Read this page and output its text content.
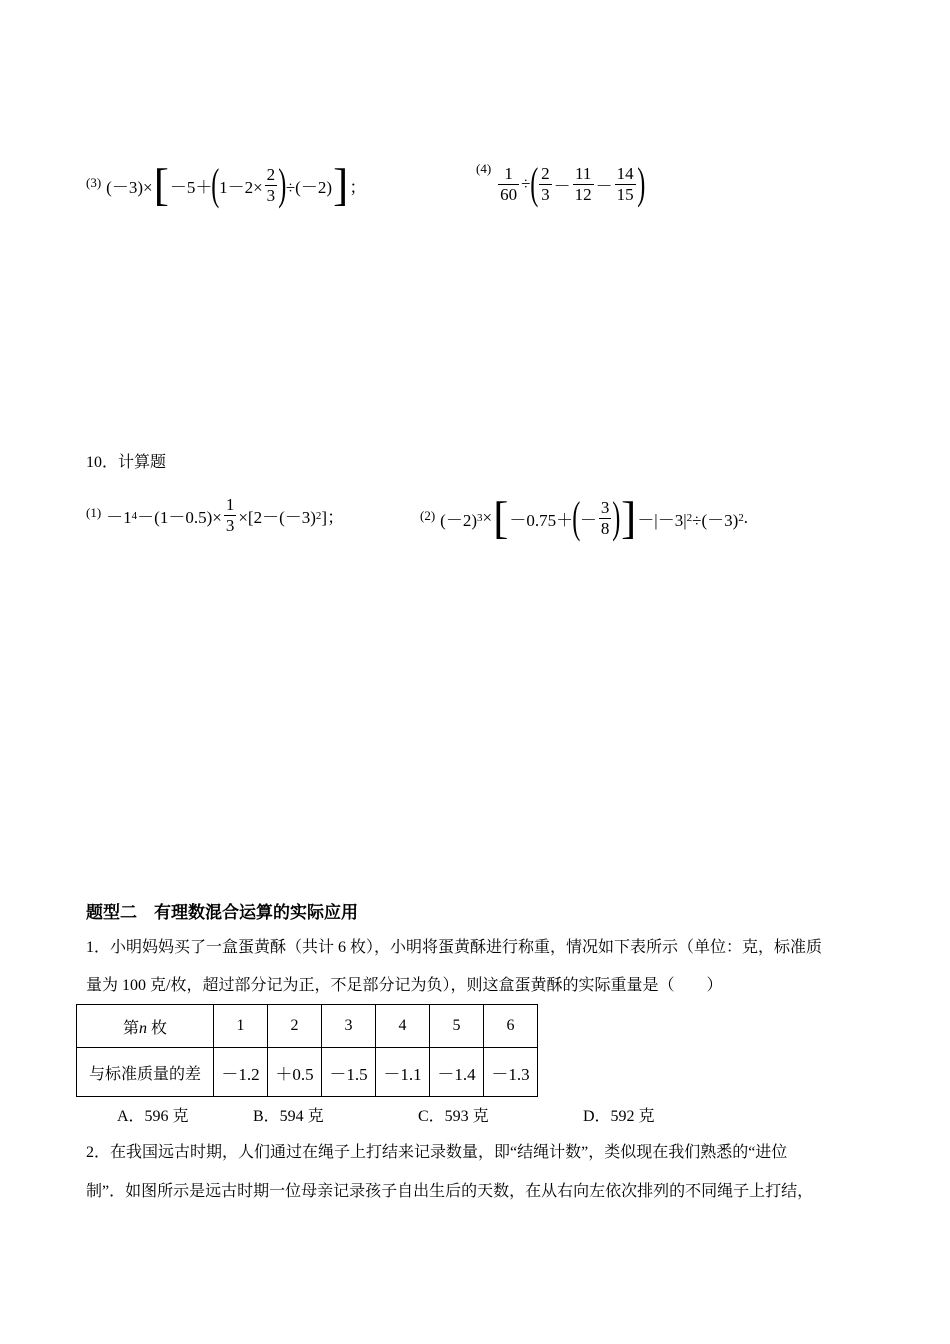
$^{(3)}$ (－3)× [ －5＋ ( $1-2\times \frac{2}{3}$ ) ÷(－2) ] ；
$^{(4)} \frac{1}{60}$ ÷ ( $\frac{2}{3} - \frac{11}{12} - \frac{14}{15}$ )
10．计算题
$^{(1)}$ －1 $4 -(1-0.5)\times \frac{1}{3} \times[2-(-3)$ 2 ]；	$^{(2)}$ (－2) 3 × [ －0.75＋ ( － $\frac{3}{8}$ ) ] －|－3| 2 ÷(－3) 2 .
题型二　有理数混合运算的实际应用
1．小明妈妈买了一盒蛋黄酥（共计 6 枚），小明将蛋黄酥进行称重，情况如下表所示（单位：克，标准质
量为 100 克/枚，超过部分记为正，不足部分记为负），则这盒蛋黄酥的实际重量是（　　）
第n 枚	1	2	3	4	5	6
与标准质量的差	－1.2	＋0.5	－1.5	－1.1	－1.4	－1.3
A．596 克	B．594 克	C．593 克	D．592 克
2．在我国远古时期，人们通过在绳子上打结来记录数量，即“结绳计数”，类似现在我们熟悉的“进位
制”．如图所示是远古时期一位母亲记录孩子自出生后的天数，在从右向左依次排列的不同绳子上打结，
